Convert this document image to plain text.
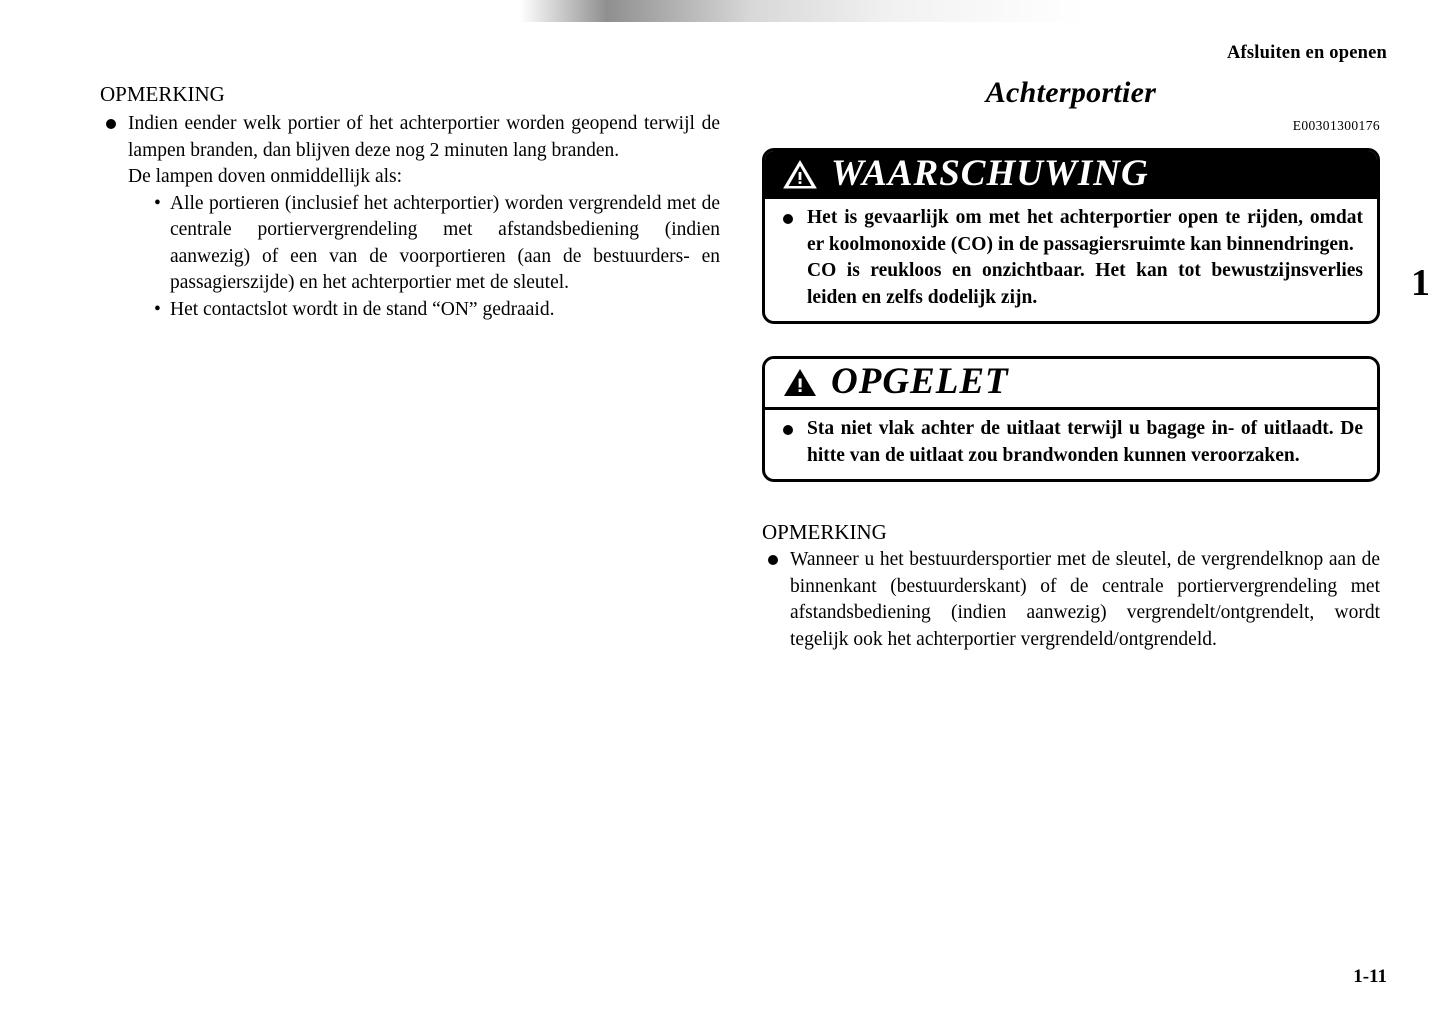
Afsluiten en openen
1
OPMERKING

Indien eender welk portier of het achterportier worden geopend terwijl de lampen branden, dan blijven deze nog 2 minuten lang branden.

De lampen doven onmiddellijk als:

• Alle portieren (inclusief het achterportier) worden vergrendeld met de centrale portiervergrendeling met afstandsbediening (indien aanwezig) of een van de voorportieren (aan de bestuurders- en passagierszijde) en het achterportier met de sleutel.
• Het contactslot wordt in de stand “ON” gedraaid.
Achterportier
E00301300176
WAARSCHUWING

Het is gevaarlijk om met het achterportier open te rijden, omdat er koolmonoxide (CO) in de passagiersruimte kan binnendringen.

CO is reukloos en onzichtbaar. Het kan tot bewustzijnsverlies leiden en zelfs dodelijk zijn.

OPGELET

Sta niet vlak achter de uitlaat terwijl u bagage in- of uitlaadt. De hitte van de uitlaat zou brandwonden kunnen veroorzaken.

OPMERKING

Wanneer u het bestuurdersportier met de sleutel, de vergrendelknop aan de binnenkant (bestuurderskant) of de centrale portiervergrendeling met afstandsbediening (indien aanwezig) vergrendelt/ontgrendelt, wordt tegelijk ook het achterportier vergrendeld/ontgrendeld.

1-11
